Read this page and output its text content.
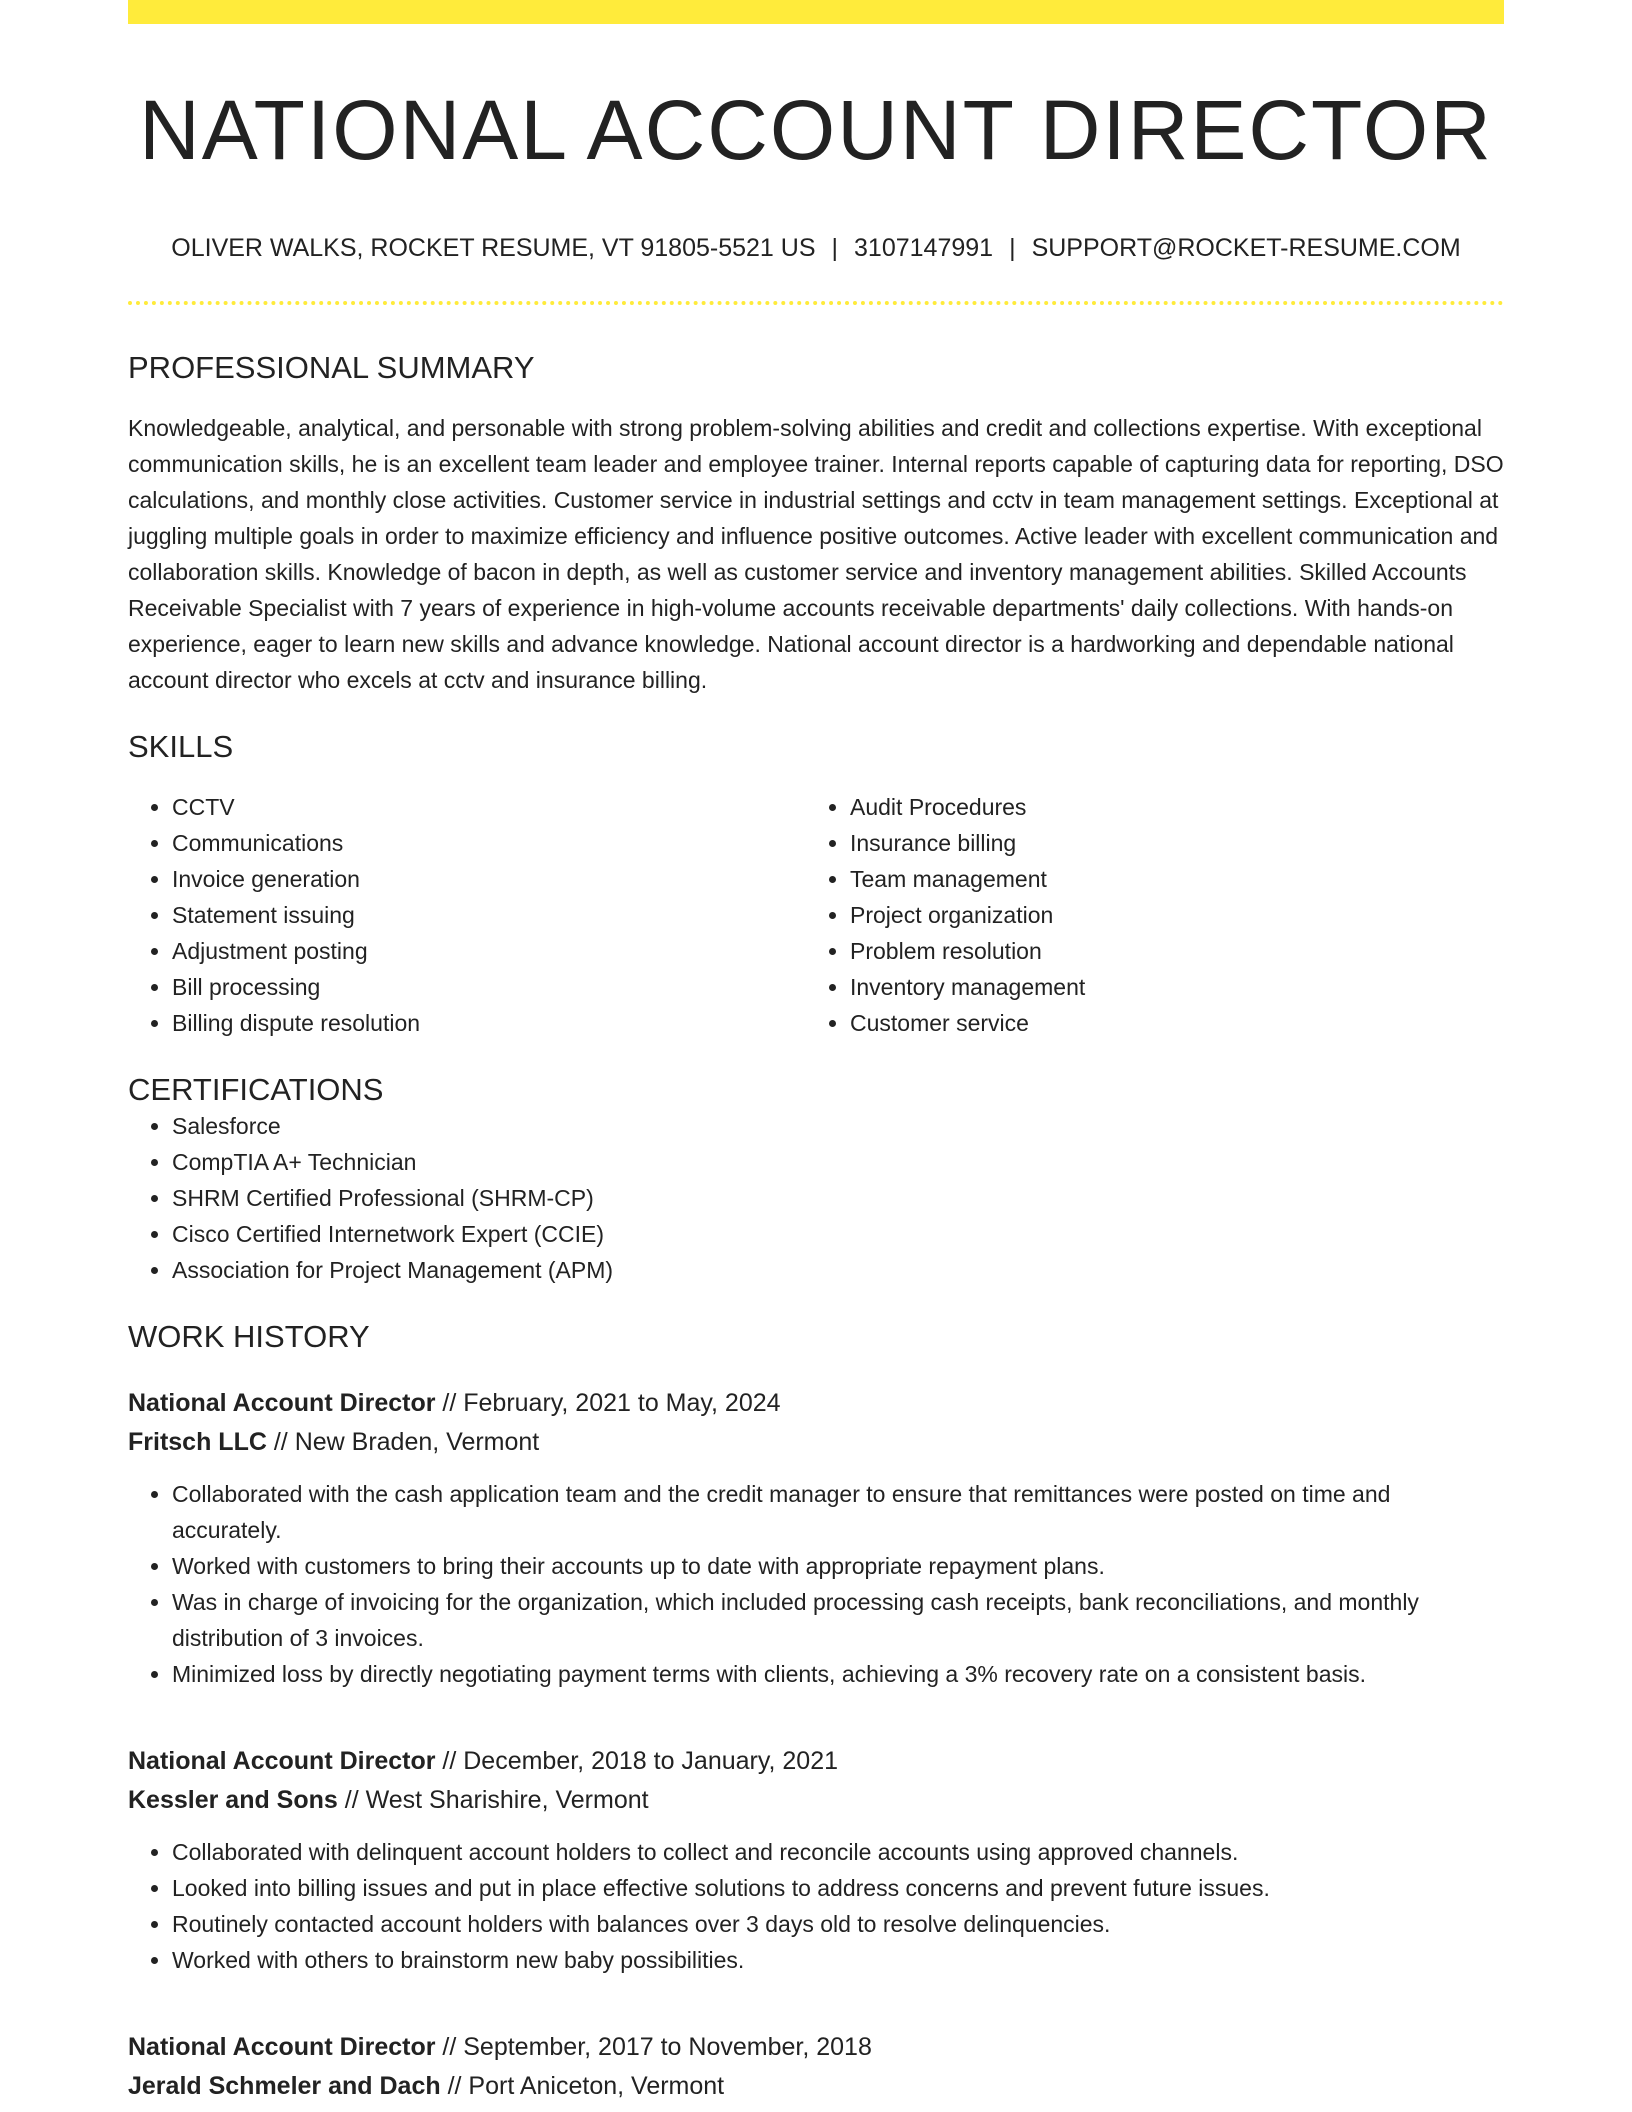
NATIONAL ACCOUNT DIRECTOR
OLIVER WALKS, ROCKET RESUME, VT 91805-5521 US | 3107147991 | SUPPORT@ROCKET-RESUME.COM
PROFESSIONAL SUMMARY

Knowledgeable, analytical, and personable with strong problem-solving abilities and credit and collections expertise. With exceptional communication skills, he is an excellent team leader and employee trainer. Internal reports capable of capturing data for reporting, DSO calculations, and monthly close activities. Customer service in industrial settings and cctv in team management settings. Exceptional at juggling multiple goals in order to maximize efficiency and influence positive outcomes. Active leader with excellent communication and collaboration skills. Knowledge of bacon in depth, as well as customer service and inventory management abilities. Skilled Accounts Receivable Specialist with 7 years of experience in high-volume accounts receivable departments' daily collections. With hands-on experience, eager to learn new skills and advance knowledge. National account director is a hardworking and dependable national account director who excels at cctv and insurance billing.

SKILLS
• CCTV
• Communications
• Invoice generation
• Statement issuing
• Adjustment posting
• Bill processing
• Billing dispute resolution
• Audit Procedures
• Insurance billing
• Team management
• Project organization
• Problem resolution
• Inventory management
• Customer service
CERTIFICATIONS
• Salesforce
• CompTIA A+ Technician
• SHRM Certified Professional (SHRM-CP)
• Cisco Certified Internetwork Expert (CCIE)
• Association for Project Management (APM)
WORK HISTORY

National Account Director // February, 2021 to May, 2024

Fritsch LLC // New Braden, Vermont

• Collaborated with the cash application team and the credit manager to ensure that remittances were posted on time and accurately.
• Worked with customers to bring their accounts up to date with appropriate repayment plans.
• Was in charge of invoicing for the organization, which included processing cash receipts, bank reconciliations, and monthly distribution of 3 invoices.
• Minimized loss by directly negotiating payment terms with clients, achieving a 3% recovery rate on a consistent basis.

National Account Director // December, 2018 to January, 2021

Kessler and Sons // West Sharishire, Vermont

• Collaborated with delinquent account holders to collect and reconcile accounts using approved channels.
• Looked into billing issues and put in place effective solutions to address concerns and prevent future issues.
• Routinely contacted account holders with balances over 3 days old to resolve delinquencies.
• Worked with others to brainstorm new baby possibilities.

National Account Director // September, 2017 to November, 2018

Jerald Schmeler and Dach // Port Aniceton, Vermont
